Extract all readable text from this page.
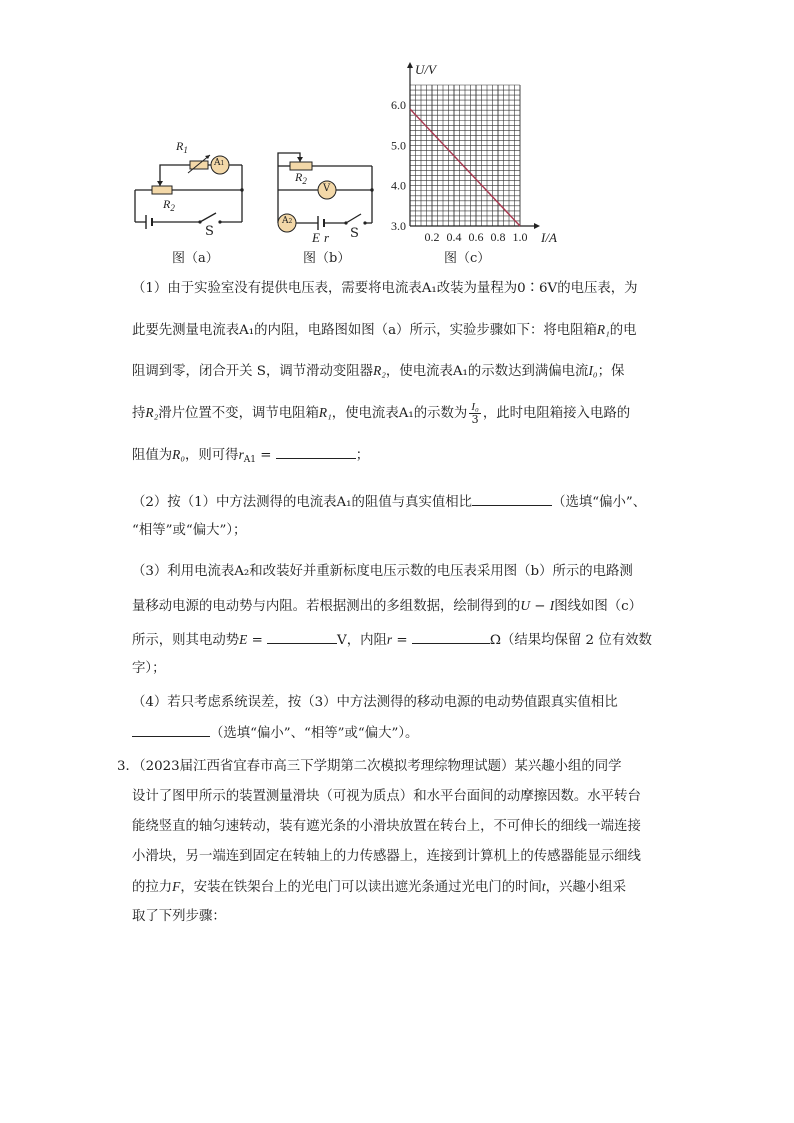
$R_1$
A1
$R_2$
S
图（a）
$R_2$
V
A2
E r S
图（b）
0.2 0.4 0.6 0.8 1.0
3.0
4.0
5.0
6.0
U/V
I/A
图（c）
（1）由于实验室没有提供电压表，需要将电流表A₁改装为量程为0∶6V的电压表，为
此要先测量电流表A₁的内阻，电路图如图（a）所示，实验步骤如下：将电阻箱R₁的电
阻调到零，闭合开关 S，调节滑动变阻器R₂，使电流表A₁的示数达到满偏电流I₀；保
持R₂滑片位置不变，调节电阻箱R₁，使电流表A₁的示数为 $\frac{\text{I₀}}{3}$ ，此时电阻箱接入电路的
阻值为R₀，则可得$r_{A1}$ =	；
（2）按（1）中方法测得的电流表A₁的阻值与真实值相比	（选填“偏小”、
“相等”或“偏大”）；
（3）利用电流表A₂和改装好并重新标度电压示数的电压表采用图（b）所示的电路测
量移动电源的电动势与内阻。若根据测出的多组数据，绘制得到的U − I图线如图（c）
所示，则其电动势E =	V，内阻r =	Ω（结果均保留 2 位有效数
字）；
（4）若只考虑系统误差，按（3）中方法测得的移动电源的电动势值跟真实值相比
（选填“偏小”、“相等”或“偏大”）。
3．（2023届江西省宜春市高三下学期第二次模拟考理综物理试题）某兴趣小组的同学
设计了图甲所示的装置测量滑块（可视为质点）和水平台面间的动摩擦因数。水平转台
能绕竖直的轴匀速转动，装有遮光条的小滑块放置在转台上，不可伸长的细线一端连接
小滑块，另一端连到固定在转轴上的力传感器上，连接到计算机上的传感器能显示细线
的拉力F，安装在铁架台上的光电门可以读出遮光条通过光电门的时间t，兴趣小组采
取了下列步骤：
